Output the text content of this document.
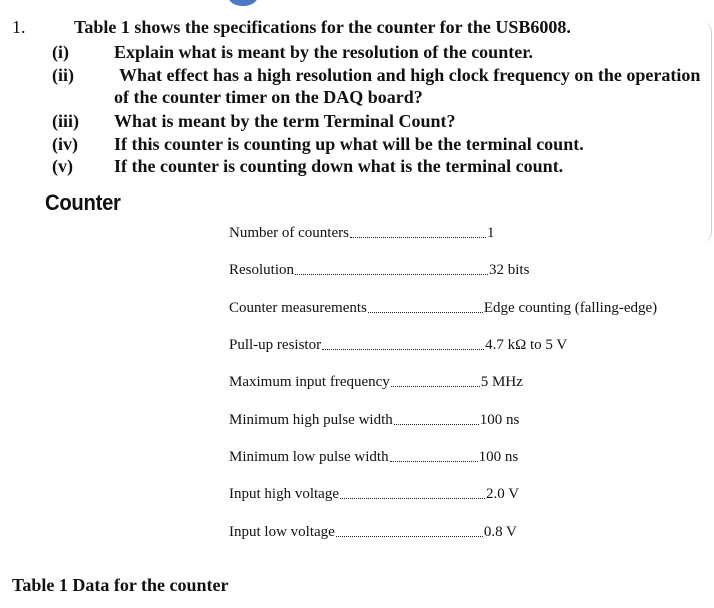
1.	Table 1 shows the specifications for the counter for the USB6008.
(i)	Explain what is meant by the resolution of the counter.
(ii)	What effect has a high resolution and high clock frequency on the operation of the counter timer on the DAQ board?
(iii)	What is meant by the term Terminal Count?
(iv)	If this counter is counting up what will be the terminal count.
(v)	If the counter is counting down what is the terminal count.
Counter
Number of counters	1
Resolution	32 bits
Counter measurements	Edge counting (falling-edge)
Pull-up resistor	4.7 kΩ to 5 V
Maximum input frequency	5 MHz
Minimum high pulse width	100 ns
Minimum low pulse width	100 ns
Input high voltage	2.0 V
Input low voltage	0.8 V
Table 1 Data for the counter
